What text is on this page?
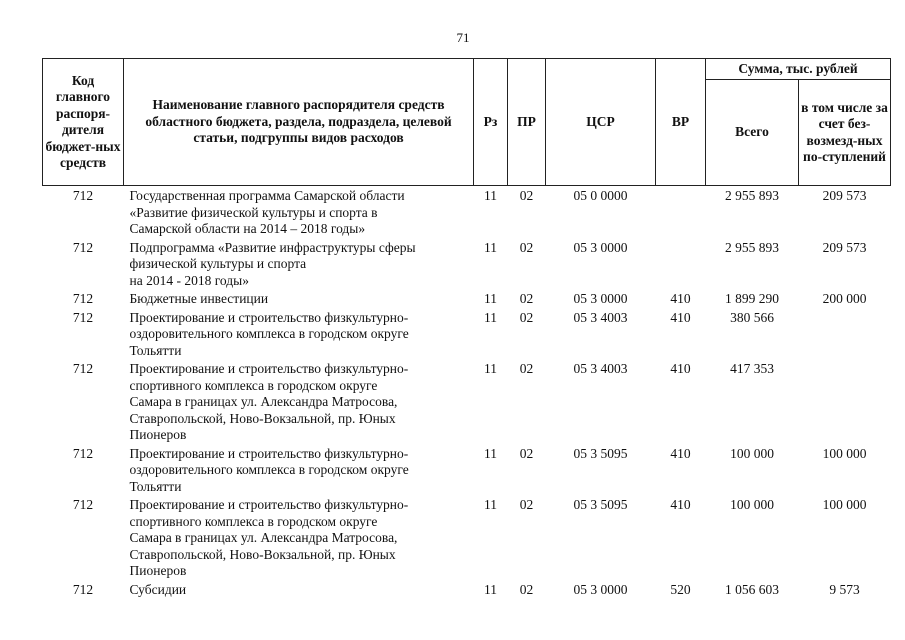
71
Код главного распоря-дителя бюджет-ных средств	Наименование главного распорядителя средств областного бюджета, раздела, подраздела, целевой статьи, подгруппы видов расходов	Рз	ПР	ЦСР	ВР	Сумма, тыс. рублей	
						Всего	в том числе за счет без-возмезд-ных по-ступлений
712	Государственная программа Самарской области
«Развитие физической культуры и спорта в
Самарской области на 2014 – 2018 годы»	11	02	05 0 0000		2 955 893	209 573

712	Подпрограмма «Развитие инфраструктуры сферы
физической культуры и спорта
на 2014 - 2018 годы»	11	02	05 3 0000		2 955 893	209 573

712	Бюджетные инвестиции	11	02	05 3 0000	410	1 899 290	200 000

712	Проектирование и строительство физкультурно-
оздоровительного комплекса в городском округе
Тольятти	11	02	05 3 4003	410	380 566	

712	Проектирование и строительство физкультурно-
спортивного комплекса в городском округе
Самара в границах ул. Александра Матросова,
Ставропольской, Ново-Вокзальной, пр. Юных
Пионеров	11	02	05 3 4003	410	417 353	

712	Проектирование и строительство физкультурно-
оздоровительного комплекса в городском округе
Тольятти	11	02	05 3 5095	410	100 000	100 000

712	Проектирование и строительство физкультурно-
спортивного комплекса в городском округе
Самара в границах ул. Александра Матросова,
Ставропольской, Ново-Вокзальной, пр. Юных
Пионеров	11	02	05 3 5095	410	100 000	100 000

712	Субсидии	11	02	05 3 0000	520	1 056 603	9 573
